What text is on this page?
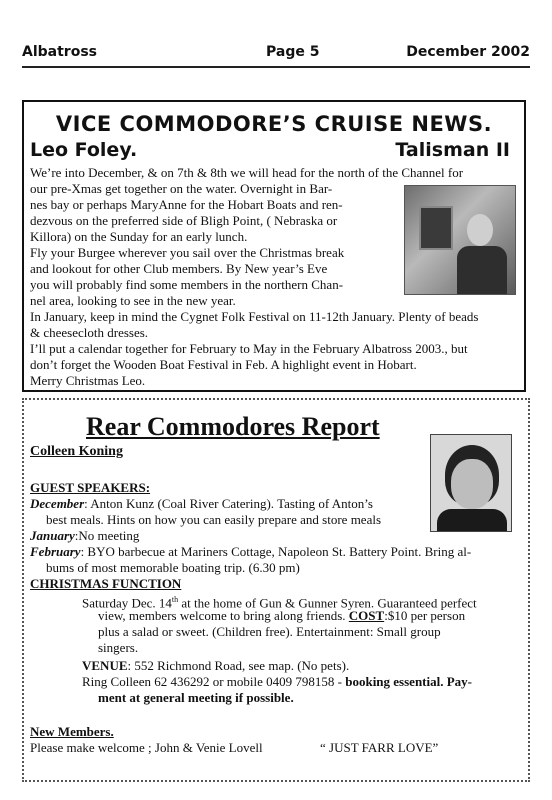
Albatross	Page 5	December 2002
VICE COMMODORE’S CRUISE NEWS.
Leo Foley.	Talisman II
We’re into December, & on 7th & 8th we will head for the north of the Channel for
our pre-Xmas get together on the water. Overnight in Bar-
nes bay or perhaps MaryAnne for the Hobart Boats and ren-
dezvous on the preferred side of Bligh Point, ( Nebraska or
Killora) on the Sunday for an early lunch.
Fly your Burgee wherever you sail over the Christmas break
and lookout for other Club members. By New year’s Eve
you will probably find some members in the northern Chan-
nel area, looking to see in the new year.
In January, keep in mind the Cygnet Folk Festival on 11-12th January. Plenty of beads
& cheesecloth dresses.
I’ll put a calendar together for February to May in the February Albatross 2003., but
don’t forget the Wooden Boat Festival in Feb. A highlight event in Hobart.
Merry Christmas Leo.
Rear Commodores Report
Colleen Koning
GUEST SPEAKERS:
December: Anton Kunz (Coal River Catering). Tasting of Anton’s
best meals. Hints on how you can easily prepare and store meals
January:No meeting
February: BYO barbecue at Mariners Cottage, Napoleon St. Battery Point. Bring al-
bums of most memorable boating trip. (6.30 pm)
CHRISTMAS FUNCTION
Saturday Dec. 14th at the home of Gun & Gunner Syren. Guaranteed perfect
view, members welcome to bring along friends. COST:$10 per person
plus a salad or sweet. (Children free). Entertainment: Small group
singers.
VENUE: 552 Richmond Road, see map. (No pets).
Ring Colleen 62 436292 or mobile 0409 798158 - booking essential. Pay-
ment at general meeting if possible.
New Members.
Please make welcome ; John & Venie Lovell	“ JUST FARR LOVE”
